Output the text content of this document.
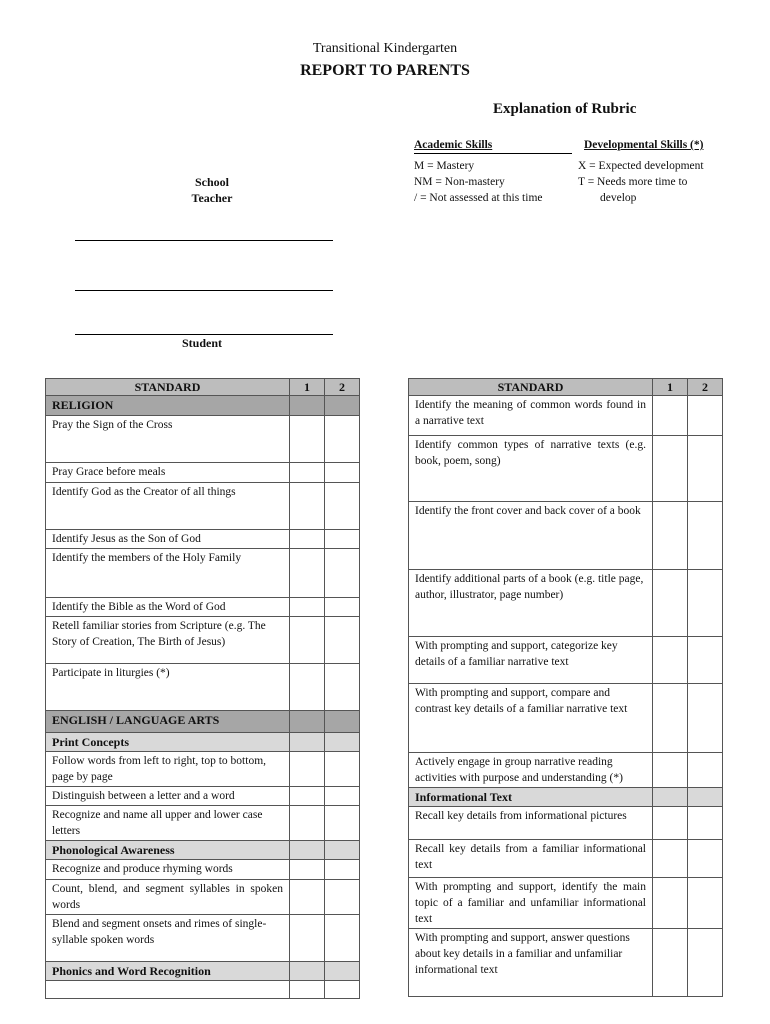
Transitional Kindergarten
REPORT TO PARENTS
Explanation of Rubric
Academic Skills
M = Mastery
NM = Non-mastery
/ = Not assessed at this time
Developmental Skills (*)
X = Expected development
T = Needs more time to
develop
School
Teacher
Student
STANDARD	1	2
RELIGION		
Pray the Sign of the Cross		
Pray Grace before meals		
Identify God as the Creator of all things		
Identify Jesus as the Son of God		
Identify the members of the Holy Family		
Identify the Bible as the Word of God		
Retell familiar stories from Scripture (e.g. The Story of Creation, The Birth of Jesus)		
Participate in liturgies (*)		
ENGLISH / LANGUAGE ARTS		
Print Concepts		
Follow words from left to right, top to bottom, page by page		
Distinguish between a letter and a word		
Recognize and name all upper and lower case letters		
Phonological Awareness		
Recognize and produce rhyming words		
Count, blend, and segment syllables in spoken words		
Blend and segment onsets and rimes of single-syllable spoken words		
Phonics and Word Recognition		

STANDARD	1	2
Identify the meaning of common words found in a narrative text		
Identify common types of narrative texts (e.g. book, poem, song)		
Identify the front cover and back cover of a book		
Identify additional parts of a book (e.g. title page, author, illustrator, page number)		
With prompting and support, categorize key details of a familiar narrative text		
With prompting and support, compare and contrast key details of a familiar narrative text		
Actively engage in group narrative reading activities with purpose and understanding (*)		
Informational Text		
Recall key details from informational pictures		
Recall key details from a familiar informational text		
With prompting and support, identify the main topic of a familiar and unfamiliar informational text		
With prompting and support, answer questions about key details in a familiar and unfamiliar informational text		
